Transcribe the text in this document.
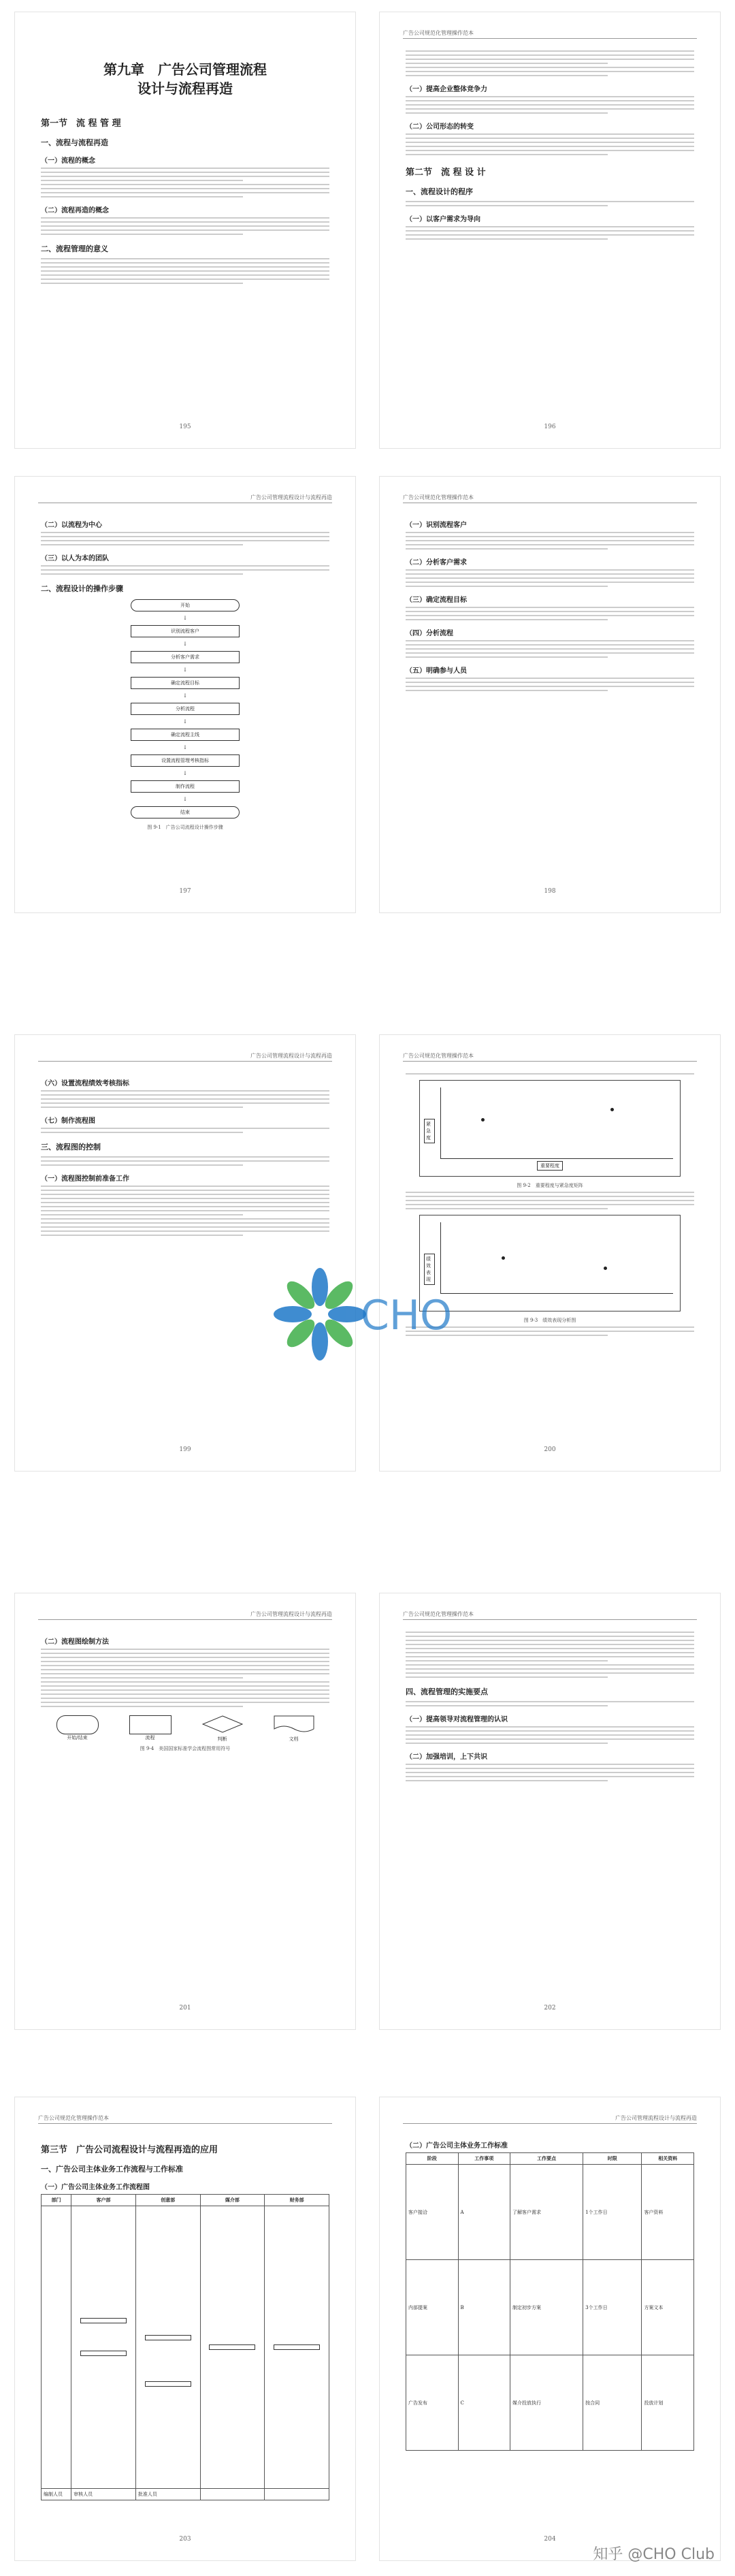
第九章　广告公司管理流程
设计与流程再造
第一节　流 程 管 理
一、流程与流程再造
（一）流程的概念
（二）流程再造的概念
二、流程管理的意义
195
广告公司规范化管理操作范本
（一）提高企业整体竞争力
（二）公司形态的转变
第二节　流 程 设 计
一、流程设计的程序
（一）以客户需求为导向
196
广告公司管理流程设计与流程再造
（二）以流程为中心
（三）以人为本的团队
二、流程设计的操作步骤
开始
↓
识别流程客户
↓
分析客户需求
↓
确定流程目标
↓
分析流程
↓
确定流程主线
↓
设置流程管理考核指标
↓
制作流程
↓
结束
图 9-1　广告公司流程设计操作步骤
197
广告公司规范化管理操作范本
（一）识别流程客户
（二）分析客户需求
（三）确定流程目标
（四）分析流程
（五）明确参与人员
198
广告公司管理流程设计与流程再造
（六）设置流程绩效考核指标
（七）制作流程图
三、流程图的控制
（一）流程图控制前准备工作
199
广告公司规范化管理操作范本
重要程度
紧急度
图 9-2　重要程度与紧急度矩阵
绩效表现
图 9-3　绩效表现分析图
200
CHO
广告公司管理流程设计与流程再造
（二）流程图绘制方法
开始/结束	流程	判断	文档
图 9-4　美国国家标准学会流程图常用符号
201
广告公司规范化管理操作范本
四、流程管理的实施要点
（一）提高领导对流程管理的认识
（二）加强培训，上下共识
202
广告公司规范化管理操作范本
第三节　广告公司流程设计与流程再造的应用
一、广告公司主体业务工作流程与工作标准
（一）广告公司主体业务工作流程图
部门	客户部	创意部	媒介部	财务部

编制人员	审核人员	批准人员		
203
广告公司管理流程设计与流程再造
（二）广告公司主体业务工作标准
阶段	工作事项	工作要点	时限	相关资料
客户接洽	A	了解客户需求	1个工作日	客户资料
内部提案	B	制定初步方案	3个工作日	方案文本
广告发布	C	媒介投放执行	按合同	投放计划
204
知乎 @CHO Club
